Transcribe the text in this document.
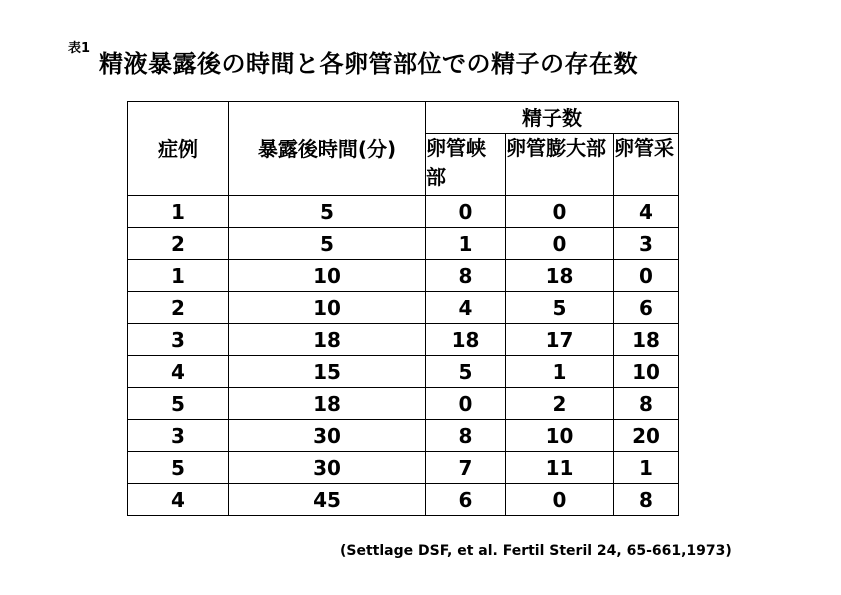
表1
精液暴露後の時間と各卵管部位での精子の存在数
症例	暴露後時間(分)	精子数		
		卵管峡部	卵管膨大部	卵管采
1	5	0	0	4
2	5	1	0	3
1	10	8	18	0
2	10	4	5	6
3	18	18	17	18
4	15	5	1	10
5	18	0	2	8
3	30	8	10	20
5	30	7	11	1
4	45	6	0	8
(Settlage DSF, et al. Fertil Steril 24, 65-661,1973)
